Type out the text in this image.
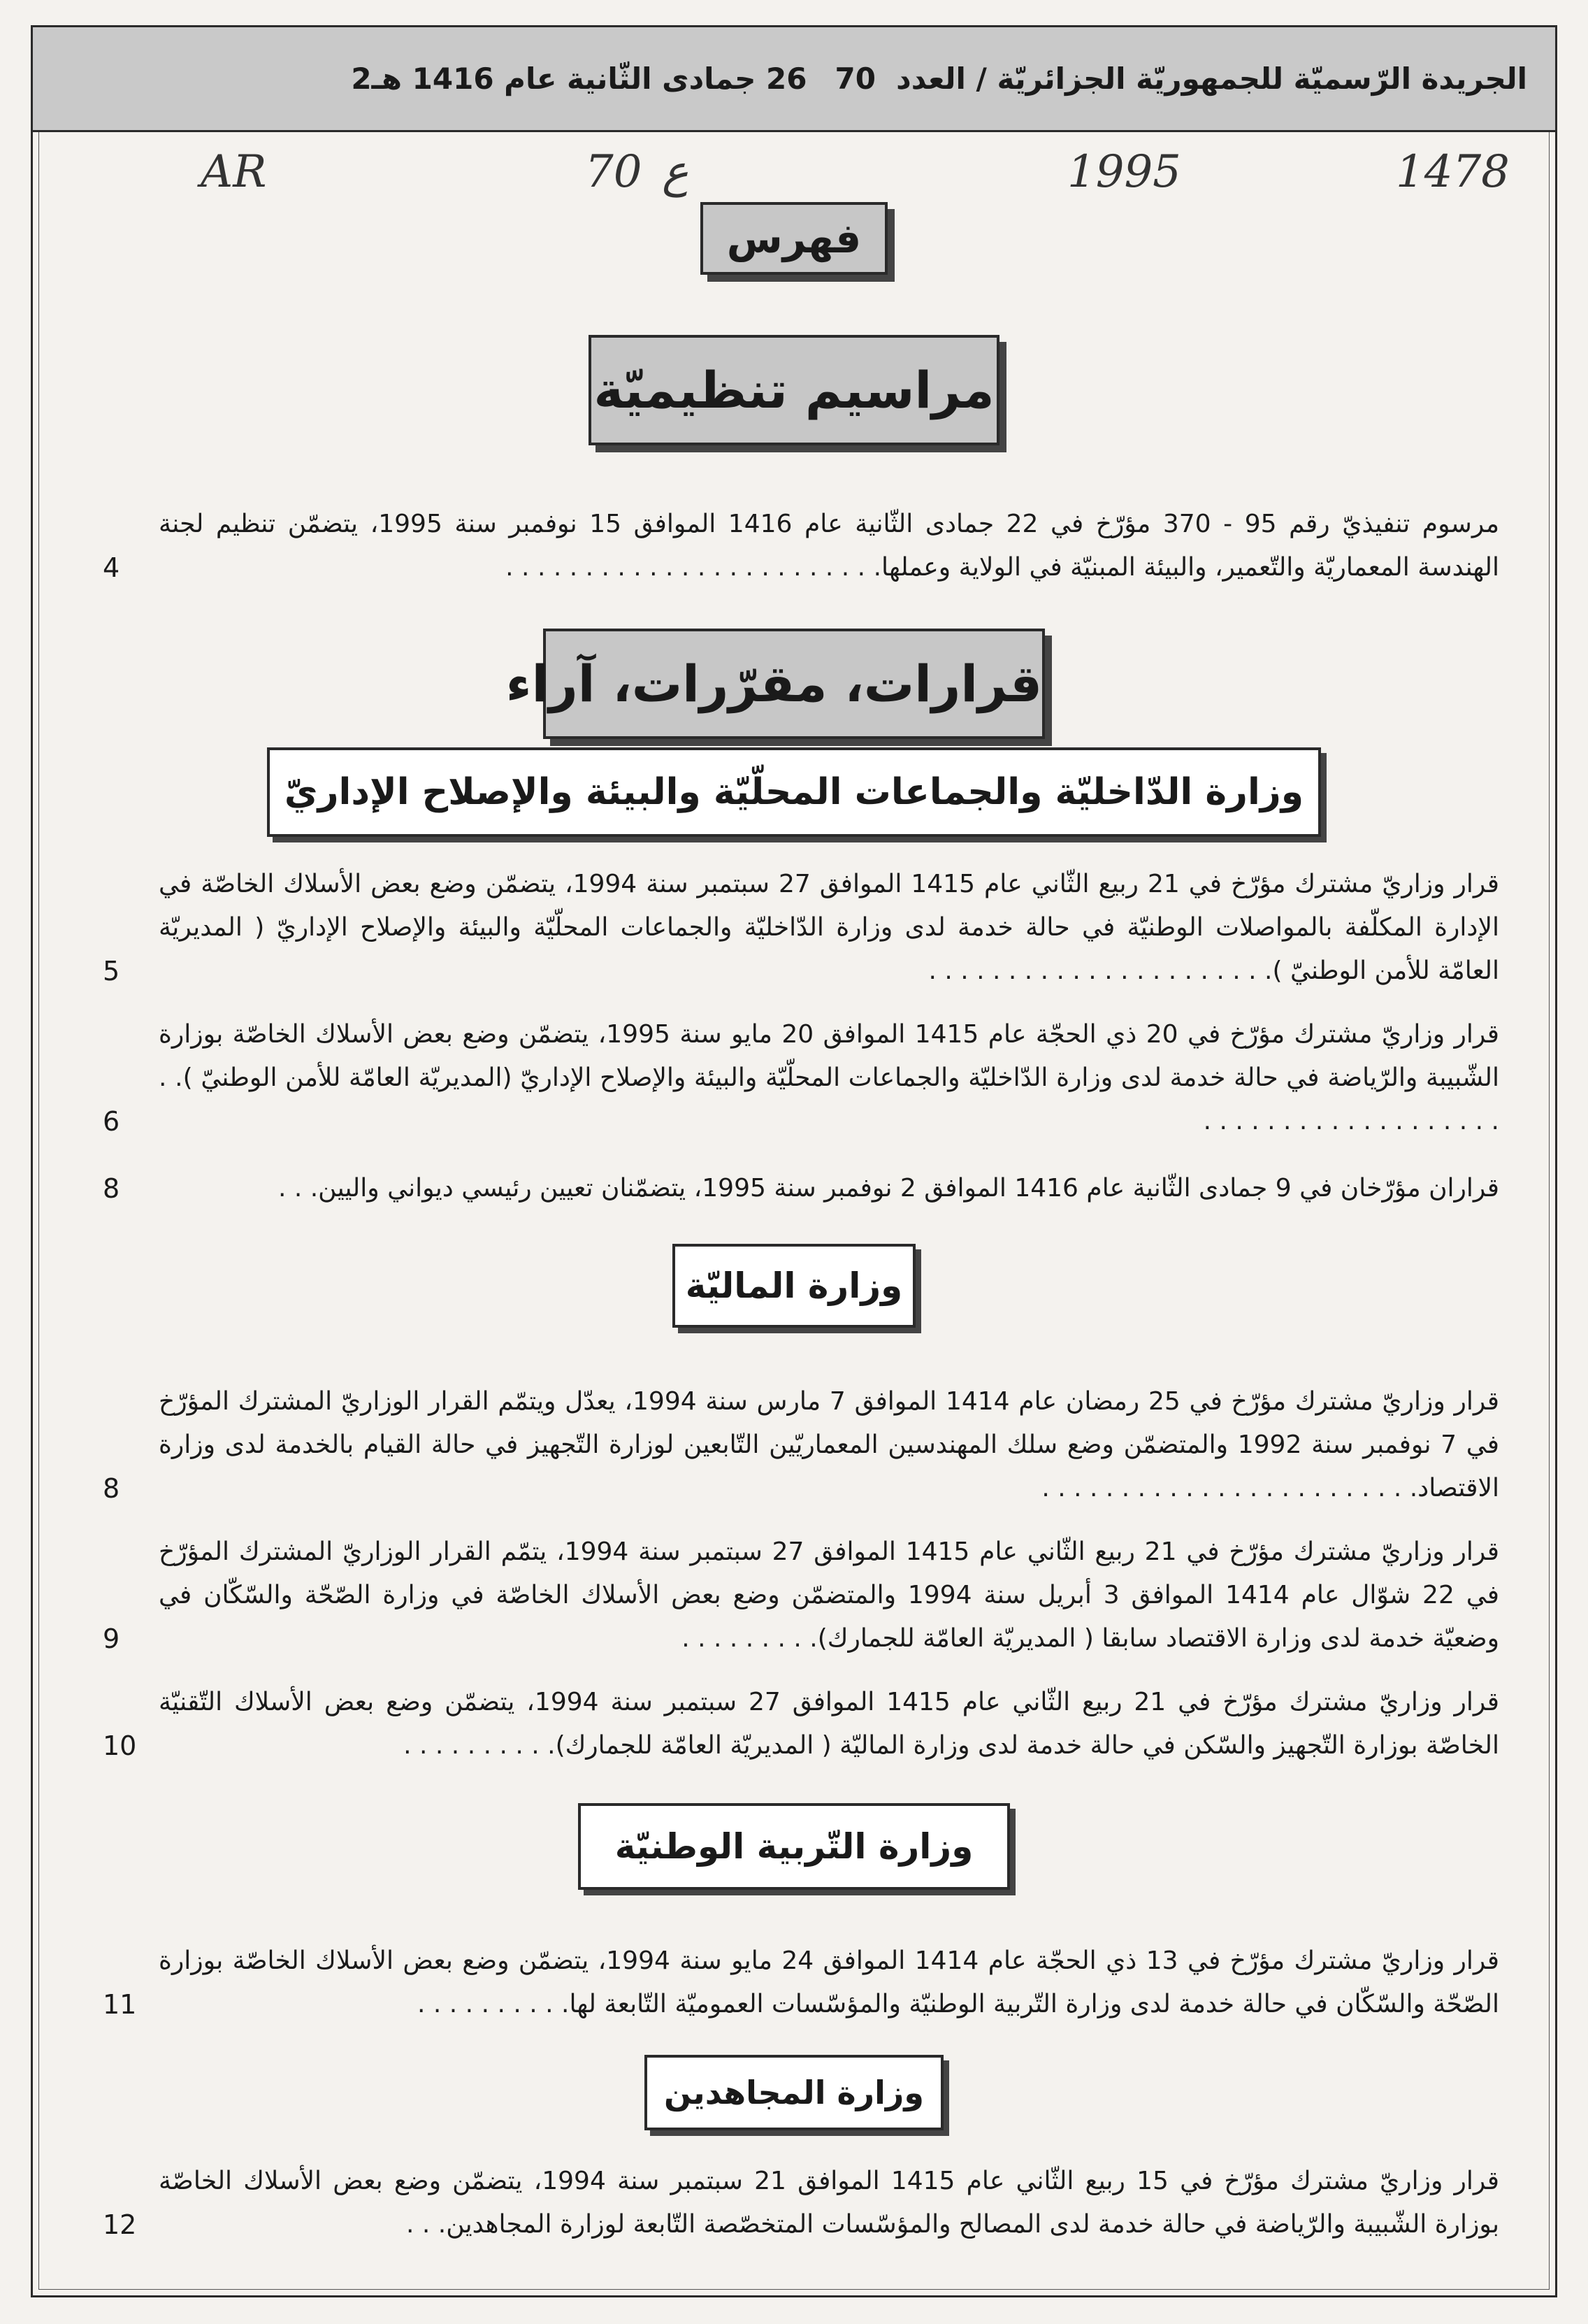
الجريدة الرّسميّة للجمهوريّة الجزائريّة / العدد

70
26 جمادى الثّانية عام 1416 هـ
2
1478
1995
ع
70
AR
فهرس
مراسيم تنظيميّة
مرسوم تنفيذيّ رقم 95 - 370 مؤرّخ في 22 جمادى الثّانية عام 1416 الموافق 15 نوفمبر سنة 1995، يتضمّن تنظيم لجنة الهندسة المعماريّة والتّعمير، والبيئة المبنيّة في الولاية وعملها. . . . . . . . . . . . . . . . . . . . . . . .
4
قرارات، مقرّرات، آراء
وزارة الدّاخليّة والجماعات المحلّيّة والبيئة والإصلاح الإداريّ
قرار وزاريّ مشترك مؤرّخ في 21 ربيع الثّاني عام 1415 الموافق 27 سبتمبر سنة 1994، يتضمّن وضع بعض الأسلاك الخاصّة في الإدارة المكلّفة بالمواصلات الوطنيّة في حالة خدمة لدى وزارة الدّاخليّة والجماعات المحلّيّة والبيئة والإصلاح الإداريّ ( المديريّة العامّة للأمن الوطنيّ ). . . . . . . . . . . . . . . . . . . . . .
5
قرار وزاريّ مشترك مؤرّخ في 20 ذي الحجّة عام 1415 الموافق 20 مايو سنة 1995، يتضمّن وضع بعض الأسلاك الخاصّة بوزارة الشّبيبة والرّياضة في حالة خدمة لدى وزارة الدّاخليّة والجماعات المحلّيّة والبيئة والإصلاح الإداريّ (المديريّة العامّة للأمن الوطنيّ ). . . . . . . . . . . . . . . . . . . . .
6
قراران مؤرّخان في 9 جمادى الثّانية عام 1416 الموافق 2 نوفمبر سنة 1995، يتضمّنان تعيين رئيسي ديواني واليين. . .
8
وزارة الماليّة
قرار وزاريّ مشترك مؤرّخ في 25 رمضان عام 1414 الموافق 7 مارس سنة 1994، يعدّل ويتمّم القرار الوزاريّ المشترك المؤرّخ في 7 نوفمبر سنة 1992 والمتضمّن وضع سلك المهندسين المعماريّين التّابعين لوزارة التّجهيز في حالة القيام بالخدمة لدى وزارة الاقتصاد. . . . . . . . . . . . . . . . . . . . . . . .
8
قرار وزاريّ مشترك مؤرّخ في 21 ربيع الثّاني عام 1415 الموافق 27 سبتمبر سنة 1994، يتمّم القرار الوزاريّ المشترك المؤرّخ في 22 شوّال عام 1414 الموافق 3 أبريل سنة 1994 والمتضمّن وضع بعض الأسلاك الخاصّة في وزارة الصّحّة والسّكّان في وضعيّة خدمة لدى وزارة الاقتصاد سابقا ( المديريّة العامّة للجمارك). . . . . . . . .
9
قرار وزاريّ مشترك مؤرّخ في 21 ربيع الثّاني عام 1415 الموافق 27 سبتمبر سنة 1994، يتضمّن وضع بعض الأسلاك التّقنيّة الخاصّة بوزارة التّجهيز والسّكن في حالة خدمة لدى وزارة الماليّة ( المديريّة العامّة للجمارك). . . . . . . . . .
10
وزارة التّربية الوطنيّة
قرار وزاريّ مشترك مؤرّخ في 13 ذي الحجّة عام 1414 الموافق 24 مايو سنة 1994، يتضمّن وضع بعض الأسلاك الخاصّة بوزارة الصّحّة والسّكّان في حالة خدمة لدى وزارة التّربية الوطنيّة والمؤسّسات العموميّة التّابعة لها. . . . . . . . . .
11
وزارة المجاهدين
قرار وزاريّ مشترك مؤرّخ في 15 ربيع الثّاني عام 1415 الموافق 21 سبتمبر سنة 1994، يتضمّن وضع بعض الأسلاك الخاصّة بوزارة الشّبيبة والرّياضة في حالة خدمة لدى المصالح والمؤسّسات المتخصّصة التّابعة لوزارة المجاهدين. . .
12
